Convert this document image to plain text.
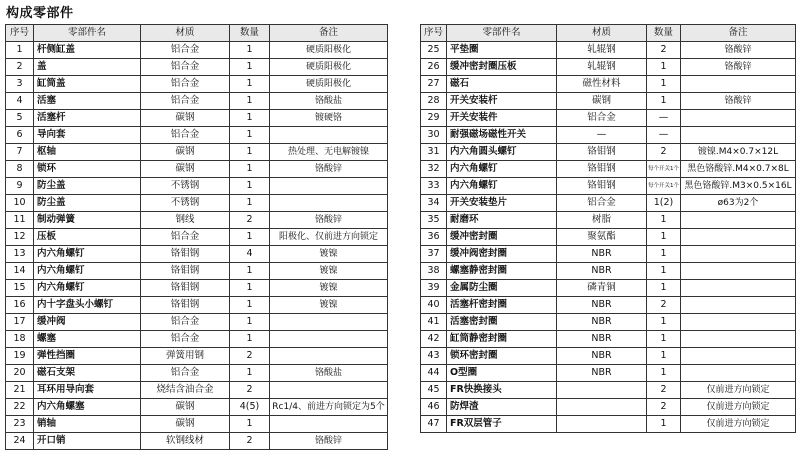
构成零部件
序号	零部件名	材质	数量	备注
1	杆侧缸盖	铝合金	1	硬质阳极化
2	盖	铝合金	1	硬质阳极化
3	缸筒盖	铝合金	1	硬质阳极化
4	活塞	铝合金	1	铬酸盐
5	活塞杆	碳钢	1	镀硬铬
6	导向套	铝合金	1	
7	枢轴	碳钢	1	热处理、无电解镀镍
8	锁环	碳钢	1	铬酸锌
9	防尘盖	不锈钢	1	
10	防尘盖	不锈钢	1	
11	制动弹簧	钢线	2	铬酸锌
12	压板	铝合金	1	阳极化、仅前进方向锁定
13	内六角螺钉	铬钼钢	4	镀镍
14	内六角螺钉	铬钼钢	1	镀镍
15	内六角螺钉	铬钼钢	1	镀镍
16	内十字盘头小螺钉	铬钼钢	1	镀镍
17	缓冲阀	铝合金	1	
18	螺塞	铝合金	1	
19	弹性挡圈	弹簧用钢	2	
20	磁石支架	铝合金	1	铬酸盐
21	耳环用导向套	烧结含油合金	2	
22	内六角螺塞	碳钢	4(5)	Rc1/4、前进方向锁定为5个
23	销轴	碳钢	1	
24	开口销	软钢线材	2	铬酸锌
序号	零部件名	材质	数量	备注
25	平垫圈	轧辊钢	2	铬酸锌
26	缓冲密封圈压板	轧辊钢	1	铬酸锌
27	磁石	磁性材料	1	
28	开关安装杆	碳钢	1	铬酸锌
29	开关安装件	铝合金	—	
30	耐强磁场磁性开关	—	—	
31	内六角圆头螺钉	铬钼钢	2	镀镍.M4×0.7×12L
32	内六角螺钉	铬钼钢	每个开关1个	黑色铬酸锌.M4×0.7×8L
33	内六角螺钉	铬钼钢	每个开关1个	黑色铬酸锌.M3×0.5×16L
34	开关安装垫片	铝合金	1(2)	ø63为2个
35	耐磨环	树脂	1	
36	缓冲密封圈	聚氨酯	1	
37	缓冲阀密封圈	NBR	1	
38	螺塞静密封圈	NBR	1	
39	金属防尘圈	磷青铜	1	
40	活塞杆密封圈	NBR	2	
41	活塞密封圈	NBR	1	
42	缸筒静密封圈	NBR	1	
43	锁环密封圈	NBR	1	
44	O型圈	NBR	1	
45	FR快换接头		2	仅前进方向锁定
46	防焊渣		2	仅前进方向锁定
47	FR双层管子		1	仅前进方向锁定
